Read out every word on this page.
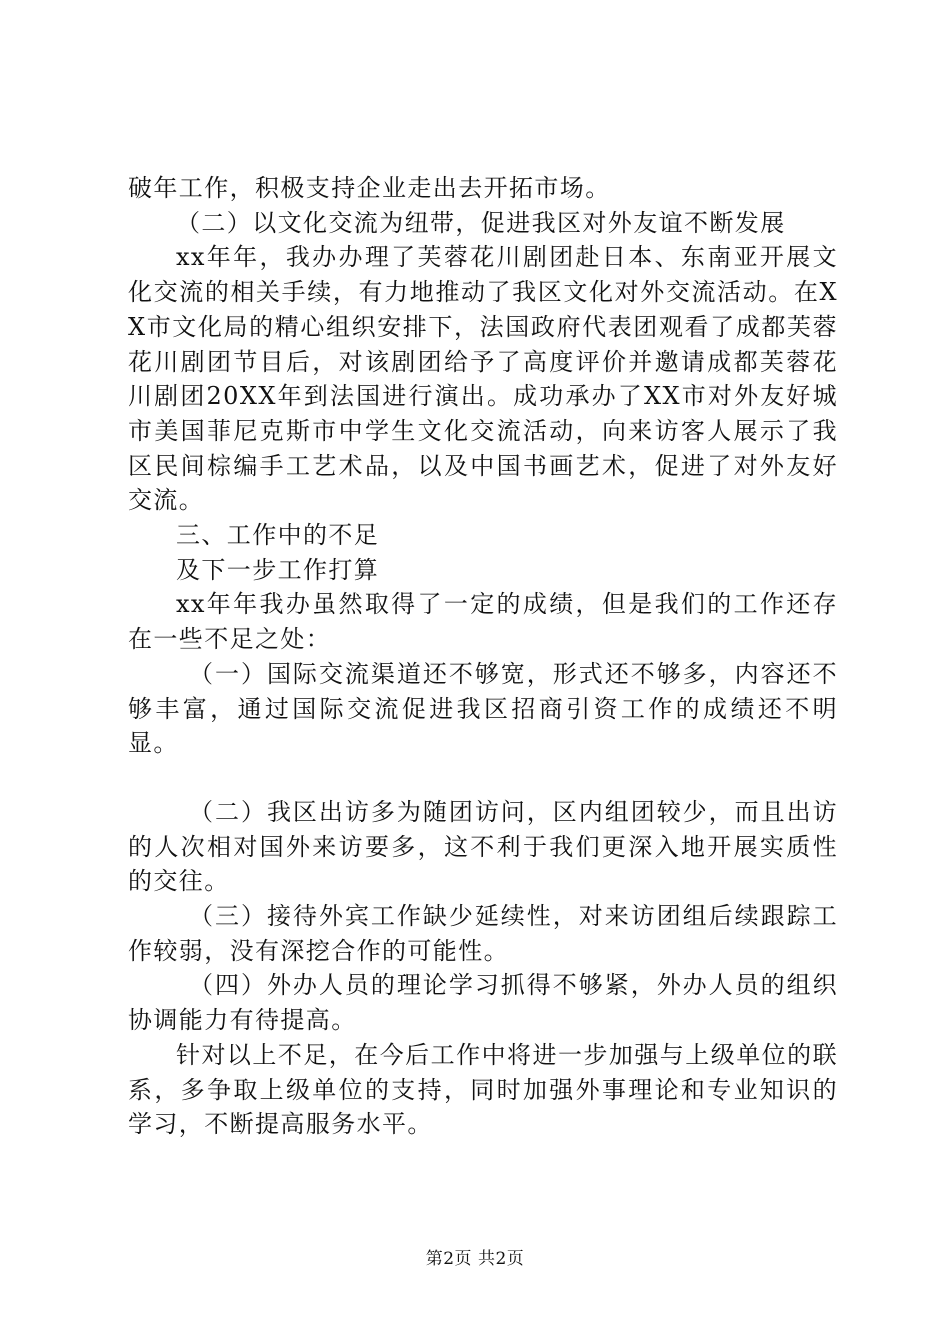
破年工作，积极支持企业走出去开拓市场。

（二）以文化交流为纽带，促进我区对外友谊不断发展

xx年年，我办办理了芙蓉花川剧团赴日本、东南亚开展文化交流的相关手续，有力地推动了我区文化对外交流活动。在XX市文化局的精心组织安排下，法国政府代表团观看了成都芙蓉花川剧团节目后，对该剧团给予了高度评价并邀请成都芙蓉花川剧团20XX年到法国进行演出。成功承办了XX市对外友好城市美国菲尼克斯市中学生文化交流活动，向来访客人展示了我区民间棕编手工艺术品，以及中国书画艺术，促进了对外友好交流。

三、工作中的不足

及下一步工作打算

xx年年我办虽然取得了一定的成绩，但是我们的工作还存在一些不足之处：

（一）国际交流渠道还不够宽，形式还不够多，内容还不够丰富，通过国际交流促进我区招商引资工作的成绩还不明显。

（二）我区出访多为随团访问，区内组团较少，而且出访的人次相对国外来访要多，这不利于我们更深入地开展实质性的交往。

（三）接待外宾工作缺少延续性，对来访团组后续跟踪工作较弱，没有深挖合作的可能性。

（四）外办人员的理论学习抓得不够紧，外办人员的组织协调能力有待提高。

针对以上不足，在今后工作中将进一步加强与上级单位的联系，多争取上级单位的支持，同时加强外事理论和专业知识的学习，不断提高服务水平。

第2页 共2页
